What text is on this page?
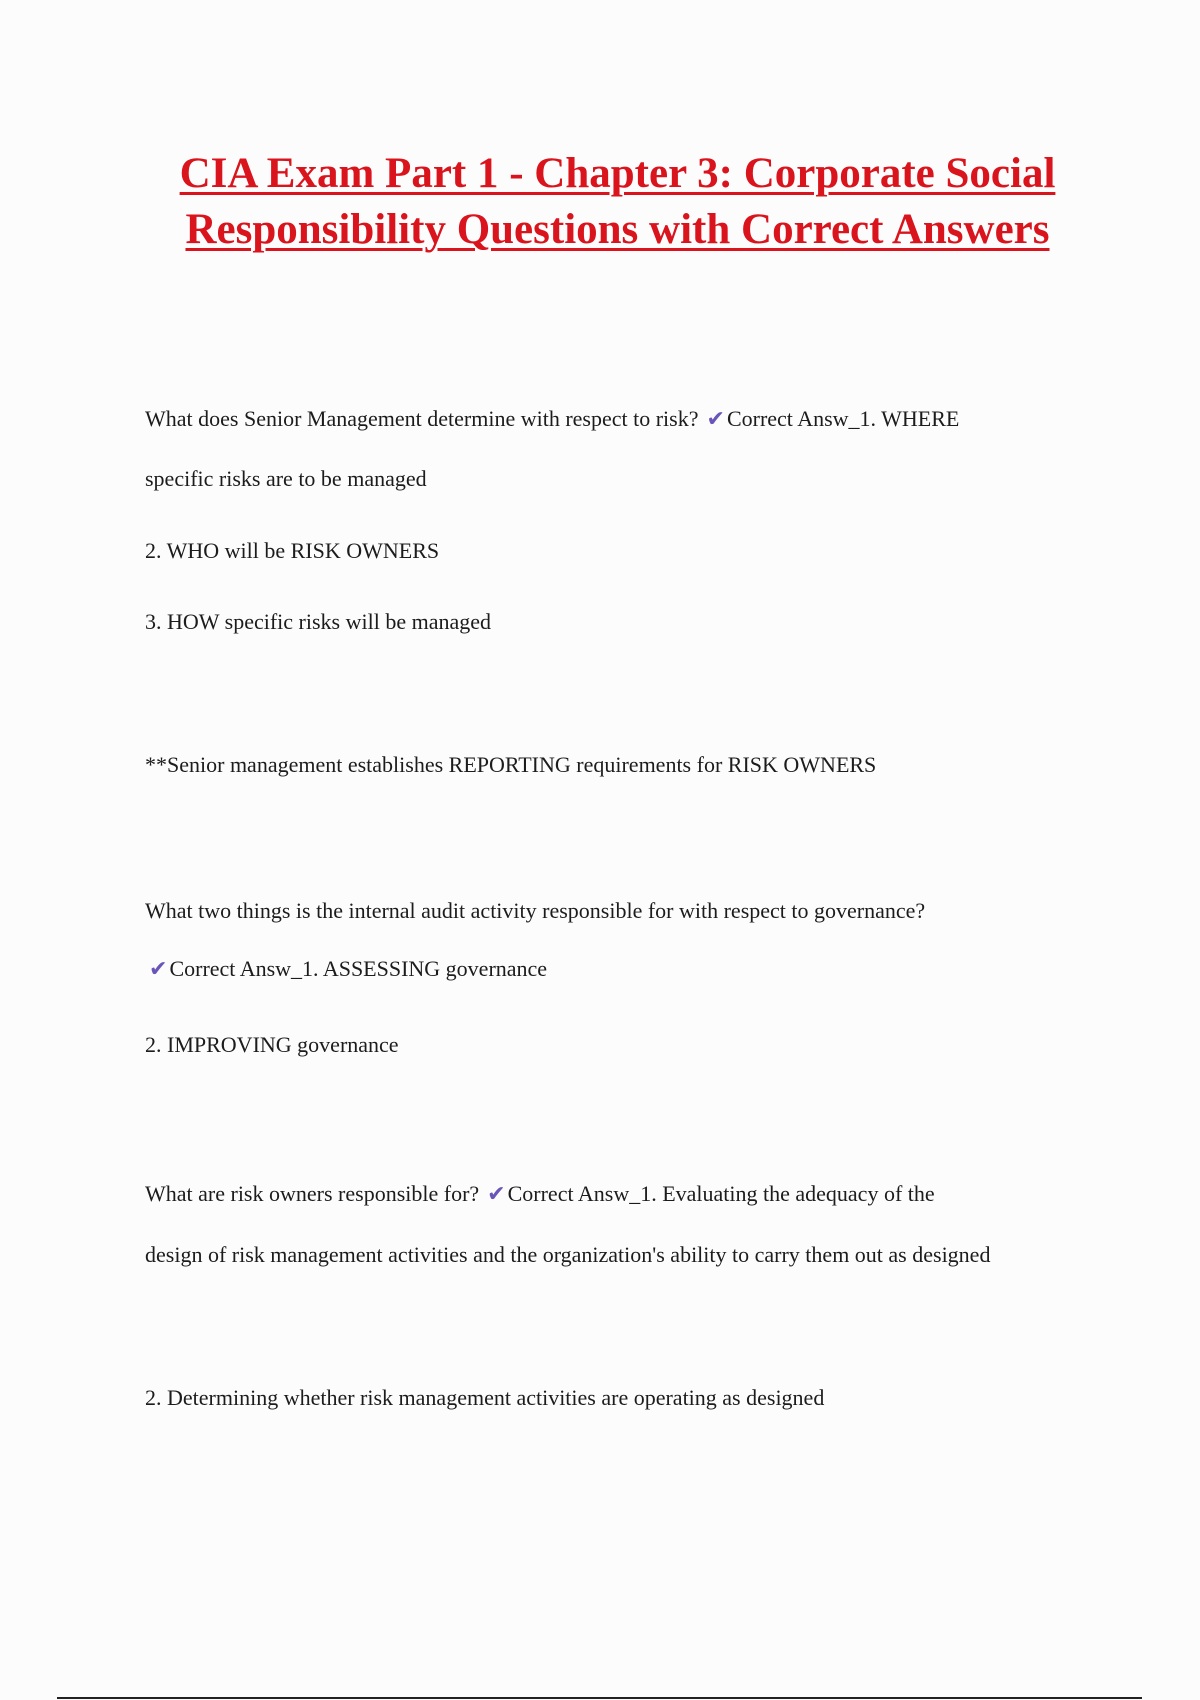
CIA Exam Part 1 - Chapter 3: Corporate Social Responsibility Questions with Correct Answers

What does Senior Management determine with respect to risk? ✔Correct Answ_1. WHERE

specific risks are to be managed

2. WHO will be RISK OWNERS

3. HOW specific risks will be managed

**Senior management establishes REPORTING requirements for RISK OWNERS

What two things is the internal audit activity responsible for with respect to governance?

✔Correct Answ_1. ASSESSING governance

2. IMPROVING governance

What are risk owners responsible for? ✔Correct Answ_1. Evaluating the adequacy of the

design of risk management activities and the organization's ability to carry them out as designed

2. Determining whether risk management activities are operating as designed
